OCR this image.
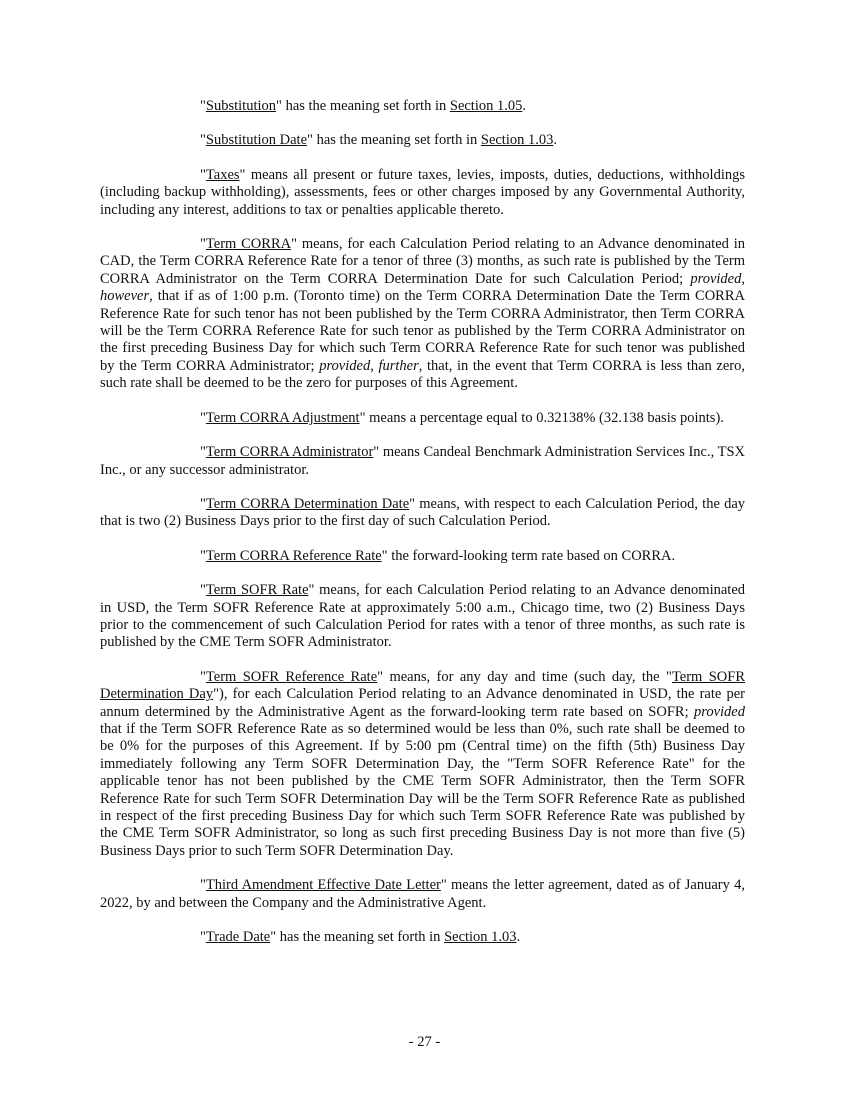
"Substitution" has the meaning set forth in Section 1.05.

"Substitution Date" has the meaning set forth in Section 1.03.

"Taxes" means all present or future taxes, levies, imposts, duties, deductions, withholdings (including backup withholding), assessments, fees or other charges imposed by any Governmental Authority, including any interest, additions to tax or penalties applicable thereto.

"Term CORRA" means, for each Calculation Period relating to an Advance denominated in CAD, the Term CORRA Reference Rate for a tenor of three (3) months, as such rate is published by the Term CORRA Administrator on the Term CORRA Determination Date for such Calculation Period; provided, however, that if as of 1:00 p.m. (Toronto time) on the Term CORRA Determination Date the Term CORRA Reference Rate for such tenor has not been published by the Term CORRA Administrator, then Term CORRA will be the Term CORRA Reference Rate for such tenor as published by the Term CORRA Administrator on the first preceding Business Day for which such Term CORRA Reference Rate for such tenor was published by the Term CORRA Administrator; provided, further, that, in the event that Term CORRA is less than zero, such rate shall be deemed to be the zero for purposes of this Agreement.

"Term CORRA Adjustment" means a percentage equal to 0.32138% (32.138 basis points).

"Term CORRA Administrator" means Candeal Benchmark Administration Services Inc., TSX Inc., or any successor administrator.

"Term CORRA Determination Date" means, with respect to each Calculation Period, the day that is two (2) Business Days prior to the first day of such Calculation Period.

"Term CORRA Reference Rate" the forward-looking term rate based on CORRA.

"Term SOFR Rate" means, for each Calculation Period relating to an Advance denominated in USD, the Term SOFR Reference Rate at approximately 5:00 a.m., Chicago time, two (2) Business Days prior to the commencement of such Calculation Period for rates with a tenor of three months, as such rate is published by the CME Term SOFR Administrator.

"Term SOFR Reference Rate" means, for any day and time (such day, the "Term SOFR Determination Day"), for each Calculation Period relating to an Advance denominated in USD, the rate per annum determined by the Administrative Agent as the forward-looking term rate based on SOFR; provided that if the Term SOFR Reference Rate as so determined would be less than 0%, such rate shall be deemed to be 0% for the purposes of this Agreement. If by 5:00 pm (Central time) on the fifth (5th) Business Day immediately following any Term SOFR Determination Day, the "Term SOFR Reference Rate" for the applicable tenor has not been published by the CME Term SOFR Administrator, then the Term SOFR Reference Rate for such Term SOFR Determination Day will be the Term SOFR Reference Rate as published in respect of the first preceding Business Day for which such Term SOFR Reference Rate was published by the CME Term SOFR Administrator, so long as such first preceding Business Day is not more than five (5) Business Days prior to such Term SOFR Determination Day.

"Third Amendment Effective Date Letter" means the letter agreement, dated as of January 4, 2022, by and between the Company and the Administrative Agent.

"Trade Date" has the meaning set forth in Section 1.03.

- 27 -
